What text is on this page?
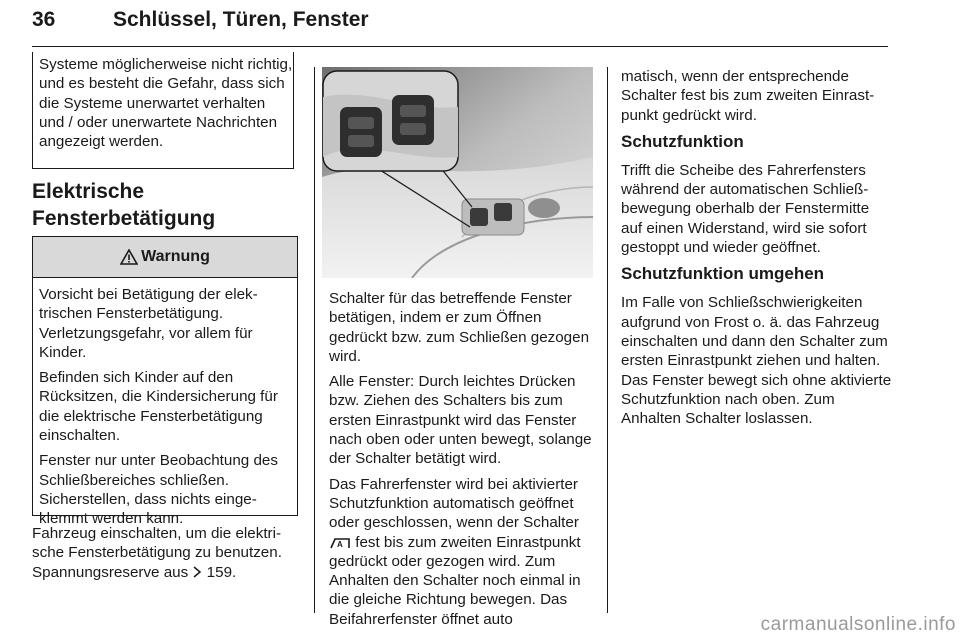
36	Schlüssel, Türen, Fenster
Systeme möglicherweise nicht richtig, und es besteht die Gefahr, dass sich die Systeme unerwartet verhalten und / oder unerwartete Nachrichten angezeigt werden.
Elektrische
Fensterbetätigung
Warnung

Vorsicht bei Betätigung der elektrischen Fensterbetätigung. Verletzungsgefahr, vor allem für Kinder.

Befinden sich Kinder auf den Rücksitzen, die Kindersicherung für die elektrische Fensterbetätigung einschalten.

Fenster nur unter Beobachtung des Schließbereiches schließen. Sicherstellen, dass nichts eingeklemmt werden kann.

Fahrzeug einschalten, um die elektrische Fensterbetätigung zu benutzen.
Spannungsreserve aus 159.

Schalter für das betreffende Fenster betätigen, indem er zum Öffnen gedrückt bzw. zum Schließen gezogen wird.

Alle Fenster: Durch leichtes Drücken bzw. Ziehen des Schalters bis zum ersten Einrastpunkt wird das Fenster nach oben oder unten bewegt, solange der Schalter betätigt wird.

Das Fahrerfenster wird bei aktivierter Schutzfunktion automatisch geöffnet oder geschlossen, wenn der Schalter
A fest bis zum zweiten Einrastpunkt gedrückt oder gezogen wird. Zum Anhalten den Schalter noch einmal in die gleiche Richtung bewegen. Das Beifahrerfenster öffnet auto

matisch, wenn der entsprechende Schalter fest bis zum zweiten Einrastpunkt gedrückt wird.

Schutzfunktion

Trifft die Scheibe des Fahrerfensters während der automatischen Schließbewegung oberhalb der Fenstermitte auf einen Widerstand, wird sie sofort gestoppt und wieder geöffnet.

Schutzfunktion umgehen

Im Falle von Schließschwierigkeiten aufgrund von Frost o. ä. das Fahrzeug einschalten und dann den Schalter zum ersten Einrastpunkt ziehen und halten. Das Fenster bewegt sich ohne aktivierte Schutzfunktion nach oben. Zum Anhalten Schalter loslassen.

carmanualsonline.info
